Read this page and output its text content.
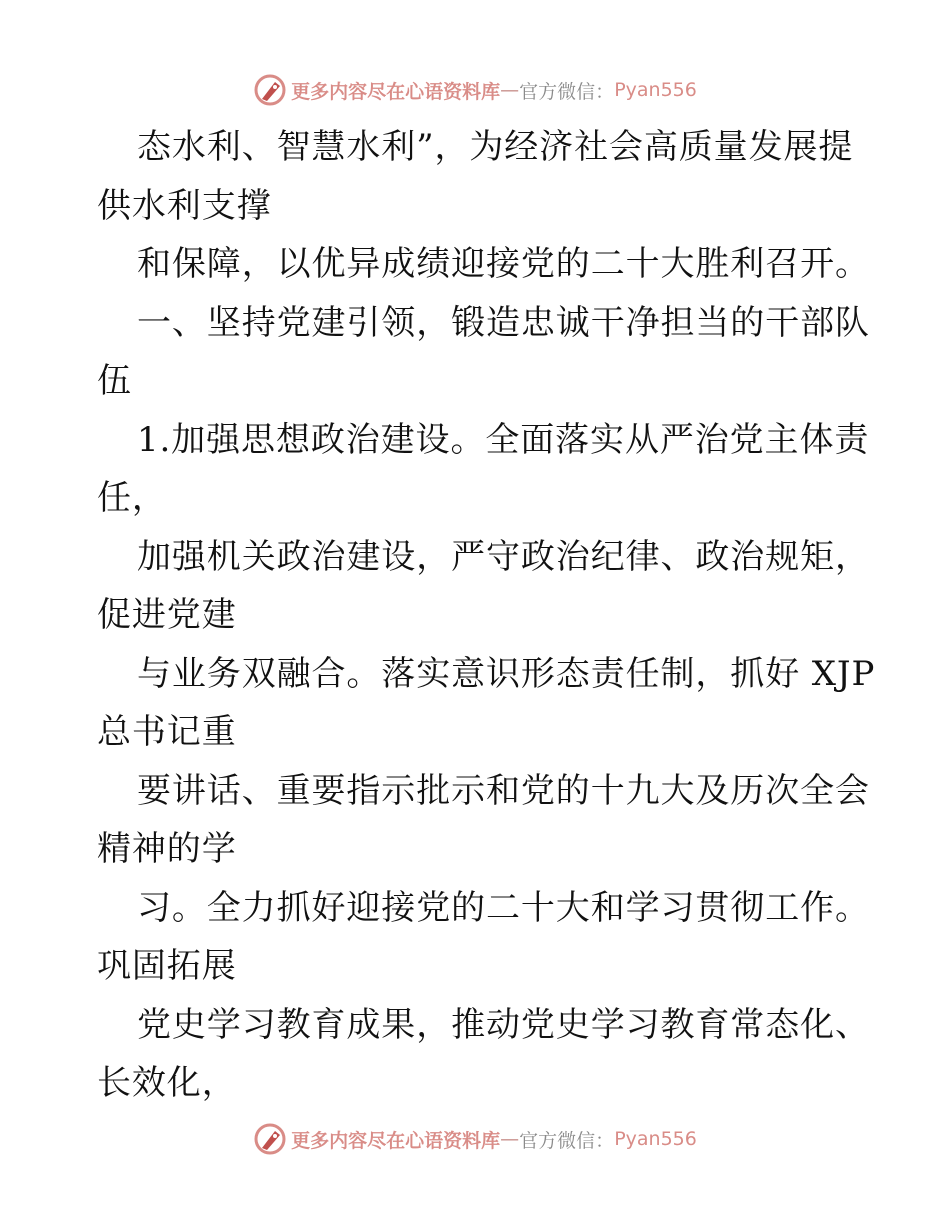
更多内容尽在心语资料库 — 官方微信： Pyan556
态水利、智慧水利”，为经济社会高质量发展提
供水利支撑
和保障，以优异成绩迎接党的二十大胜利召开。
一、坚持党建引领，锻造忠诚干净担当的干部队
伍
1.加强思想政治建设。全面落实从严治党主体责
任，
加强机关政治建设，严守政治纪律、政治规矩，
促进党建
与业务双融合。落实意识形态责任制，抓好 XJP
总书记重
要讲话、重要指示批示和党的十九大及历次全会
精神的学
习。全力抓好迎接党的二十大和学习贯彻工作。
巩固拓展
党史学习教育成果，推动党史学习教育常态化、
长效化，
更多内容尽在心语资料库 — 官方微信： Pyan556
